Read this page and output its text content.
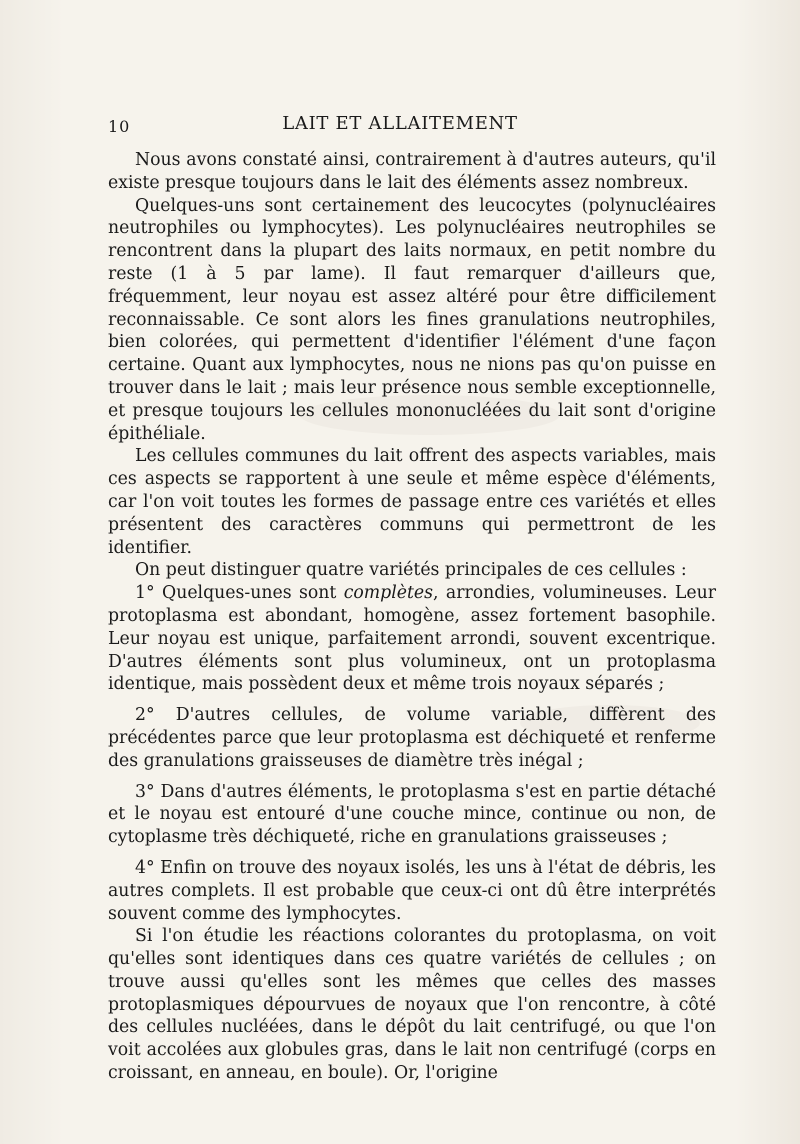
10	LAIT ET ALLAITEMENT

Nous avons constaté ainsi, contrairement à d'autres auteurs, qu'il existe presque toujours dans le lait des éléments assez nombreux.

Quelques-uns sont certainement des leucocytes (polynucléaires neutrophiles ou lymphocytes). Les polynucléaires neutrophiles se rencontrent dans la plupart des laits normaux, en petit nombre du reste (1 à 5 par lame). Il faut remarquer d'ailleurs que, fréquemment, leur noyau est assez altéré pour être difficilement reconnaissable. Ce sont alors les fines granulations neutrophiles, bien colorées, qui permettent d'identifier l'élément d'une façon certaine. Quant aux lymphocytes, nous ne nions pas qu'on puisse en trouver dans le lait ; mais leur présence nous semble exceptionnelle, et presque toujours les cellules mononucléées du lait sont d'origine épithéliale.

Les cellules communes du lait offrent des aspects variables, mais ces aspects se rapportent à une seule et même espèce d'éléments, car l'on voit toutes les formes de passage entre ces variétés et elles présentent des caractères communs qui permettront de les identifier.

On peut distinguer quatre variétés principales de ces cellules :

1° Quelques-unes sont complètes, arrondies, volumineuses. Leur protoplasma est abondant, homogène, assez fortement basophile. Leur noyau est unique, parfaitement arrondi, souvent excentrique. D'autres éléments sont plus volumineux, ont un protoplasma identique, mais possèdent deux et même trois noyaux séparés ;

2° D'autres cellules, de volume variable, diffèrent des précédentes parce que leur protoplasma est déchiqueté et renferme des granulations graisseuses de diamètre très inégal ;

3° Dans d'autres éléments, le protoplasma s'est en partie détaché et le noyau est entouré d'une couche mince, continue ou non, de cytoplasme très déchiqueté, riche en granulations graisseuses ;

4° Enfin on trouve des noyaux isolés, les uns à l'état de débris, les autres complets. Il est probable que ceux-ci ont dû être interprétés souvent comme des lymphocytes.

Si l'on étudie les réactions colorantes du protoplasma, on voit qu'elles sont identiques dans ces quatre variétés de cellules ; on trouve aussi qu'elles sont les mêmes que celles des masses protoplasmiques dépourvues de noyaux que l'on rencontre, à côté des cellules nucléées, dans le dépôt du lait centrifugé, ou que l'on voit accolées aux globules gras, dans le lait non centrifugé (corps en croissant, en anneau, en boule). Or, l'origine
